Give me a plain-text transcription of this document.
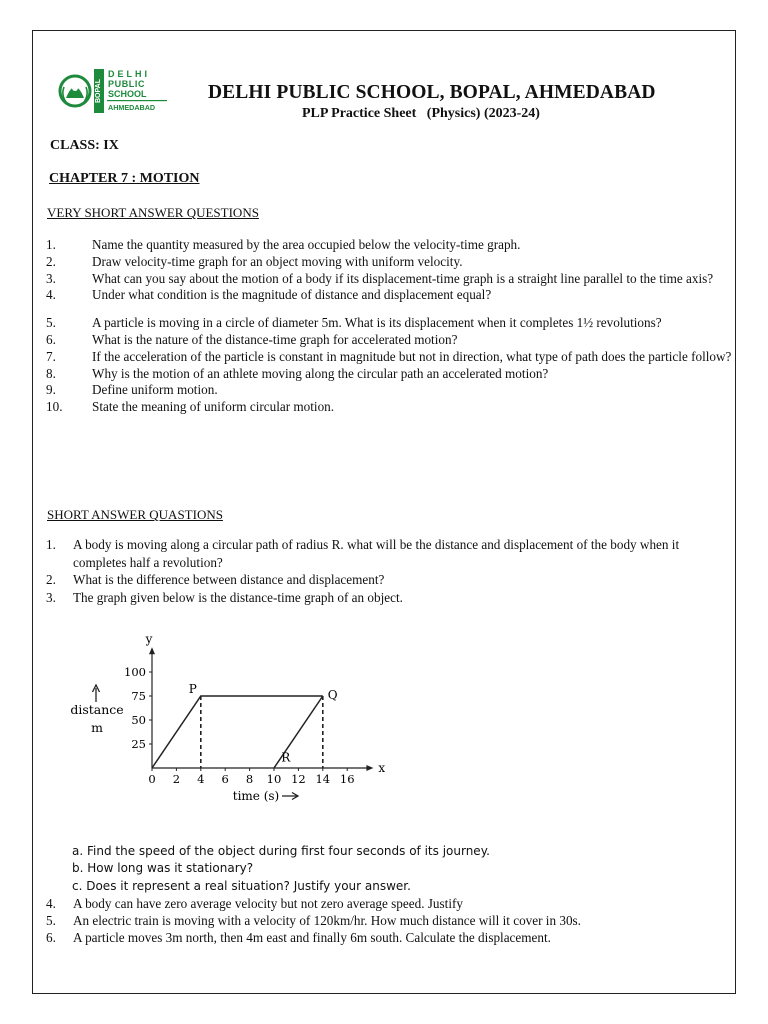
BOPAL
DELHI
PUBLIC
SCHOOL
AHMEDABAD
DELHI PUBLIC SCHOOL, BOPAL, AHMEDABAD
PLP Practice Sheet   (Physics) (2023-24)
CLASS: IX
CHAPTER 7 : MOTION
VERY SHORT ANSWER QUESTIONS
1.	Name the quantity measured by the area occupied below the velocity-time graph.
2.	Draw velocity-time graph for an object moving with uniform velocity.
3.	What can you say about the motion of a body if its displacement-time graph is a straight line parallel to the time axis?
4.	Under what condition is the magnitude of distance and displacement equal?
5.	A particle is moving in a circle of diameter 5m. What is its displacement when it completes 1½ revolutions?
6.	What is the nature of the distance-time graph for accelerated motion?
7.	If the acceleration of the particle is constant in magnitude but not in direction, what type of path does the particle follow?
8.	Why is the motion of an athlete moving along the circular path an accelerated motion?
9.	Define uniform motion.
10.	State the meaning of uniform circular motion.
SHORT ANSWER QUASTIONS
1.	A body is moving along a circular path of radius R. what will be the distance and displacement of the body when it completes half a revolution?
2.	What is the difference between distance and displacement?
3.	The graph given below is the distance-time graph of an object.
x
y
0 2 4 6 8 10 12 14 16
25
50
75
100
distance
m
time (s)
P	Q
R
a. Find the speed of the object during first four seconds of its journey.
b. How long was it stationary?
c. Does it represent a real situation? Justify your answer.
4.	A body can have zero average velocity but not zero average speed. Justify
5.	An electric train is moving with a velocity of 120km/hr. How much distance will it cover in 30s.
6.	A particle moves 3m north, then 4m east and finally 6m south. Calculate the displacement.
